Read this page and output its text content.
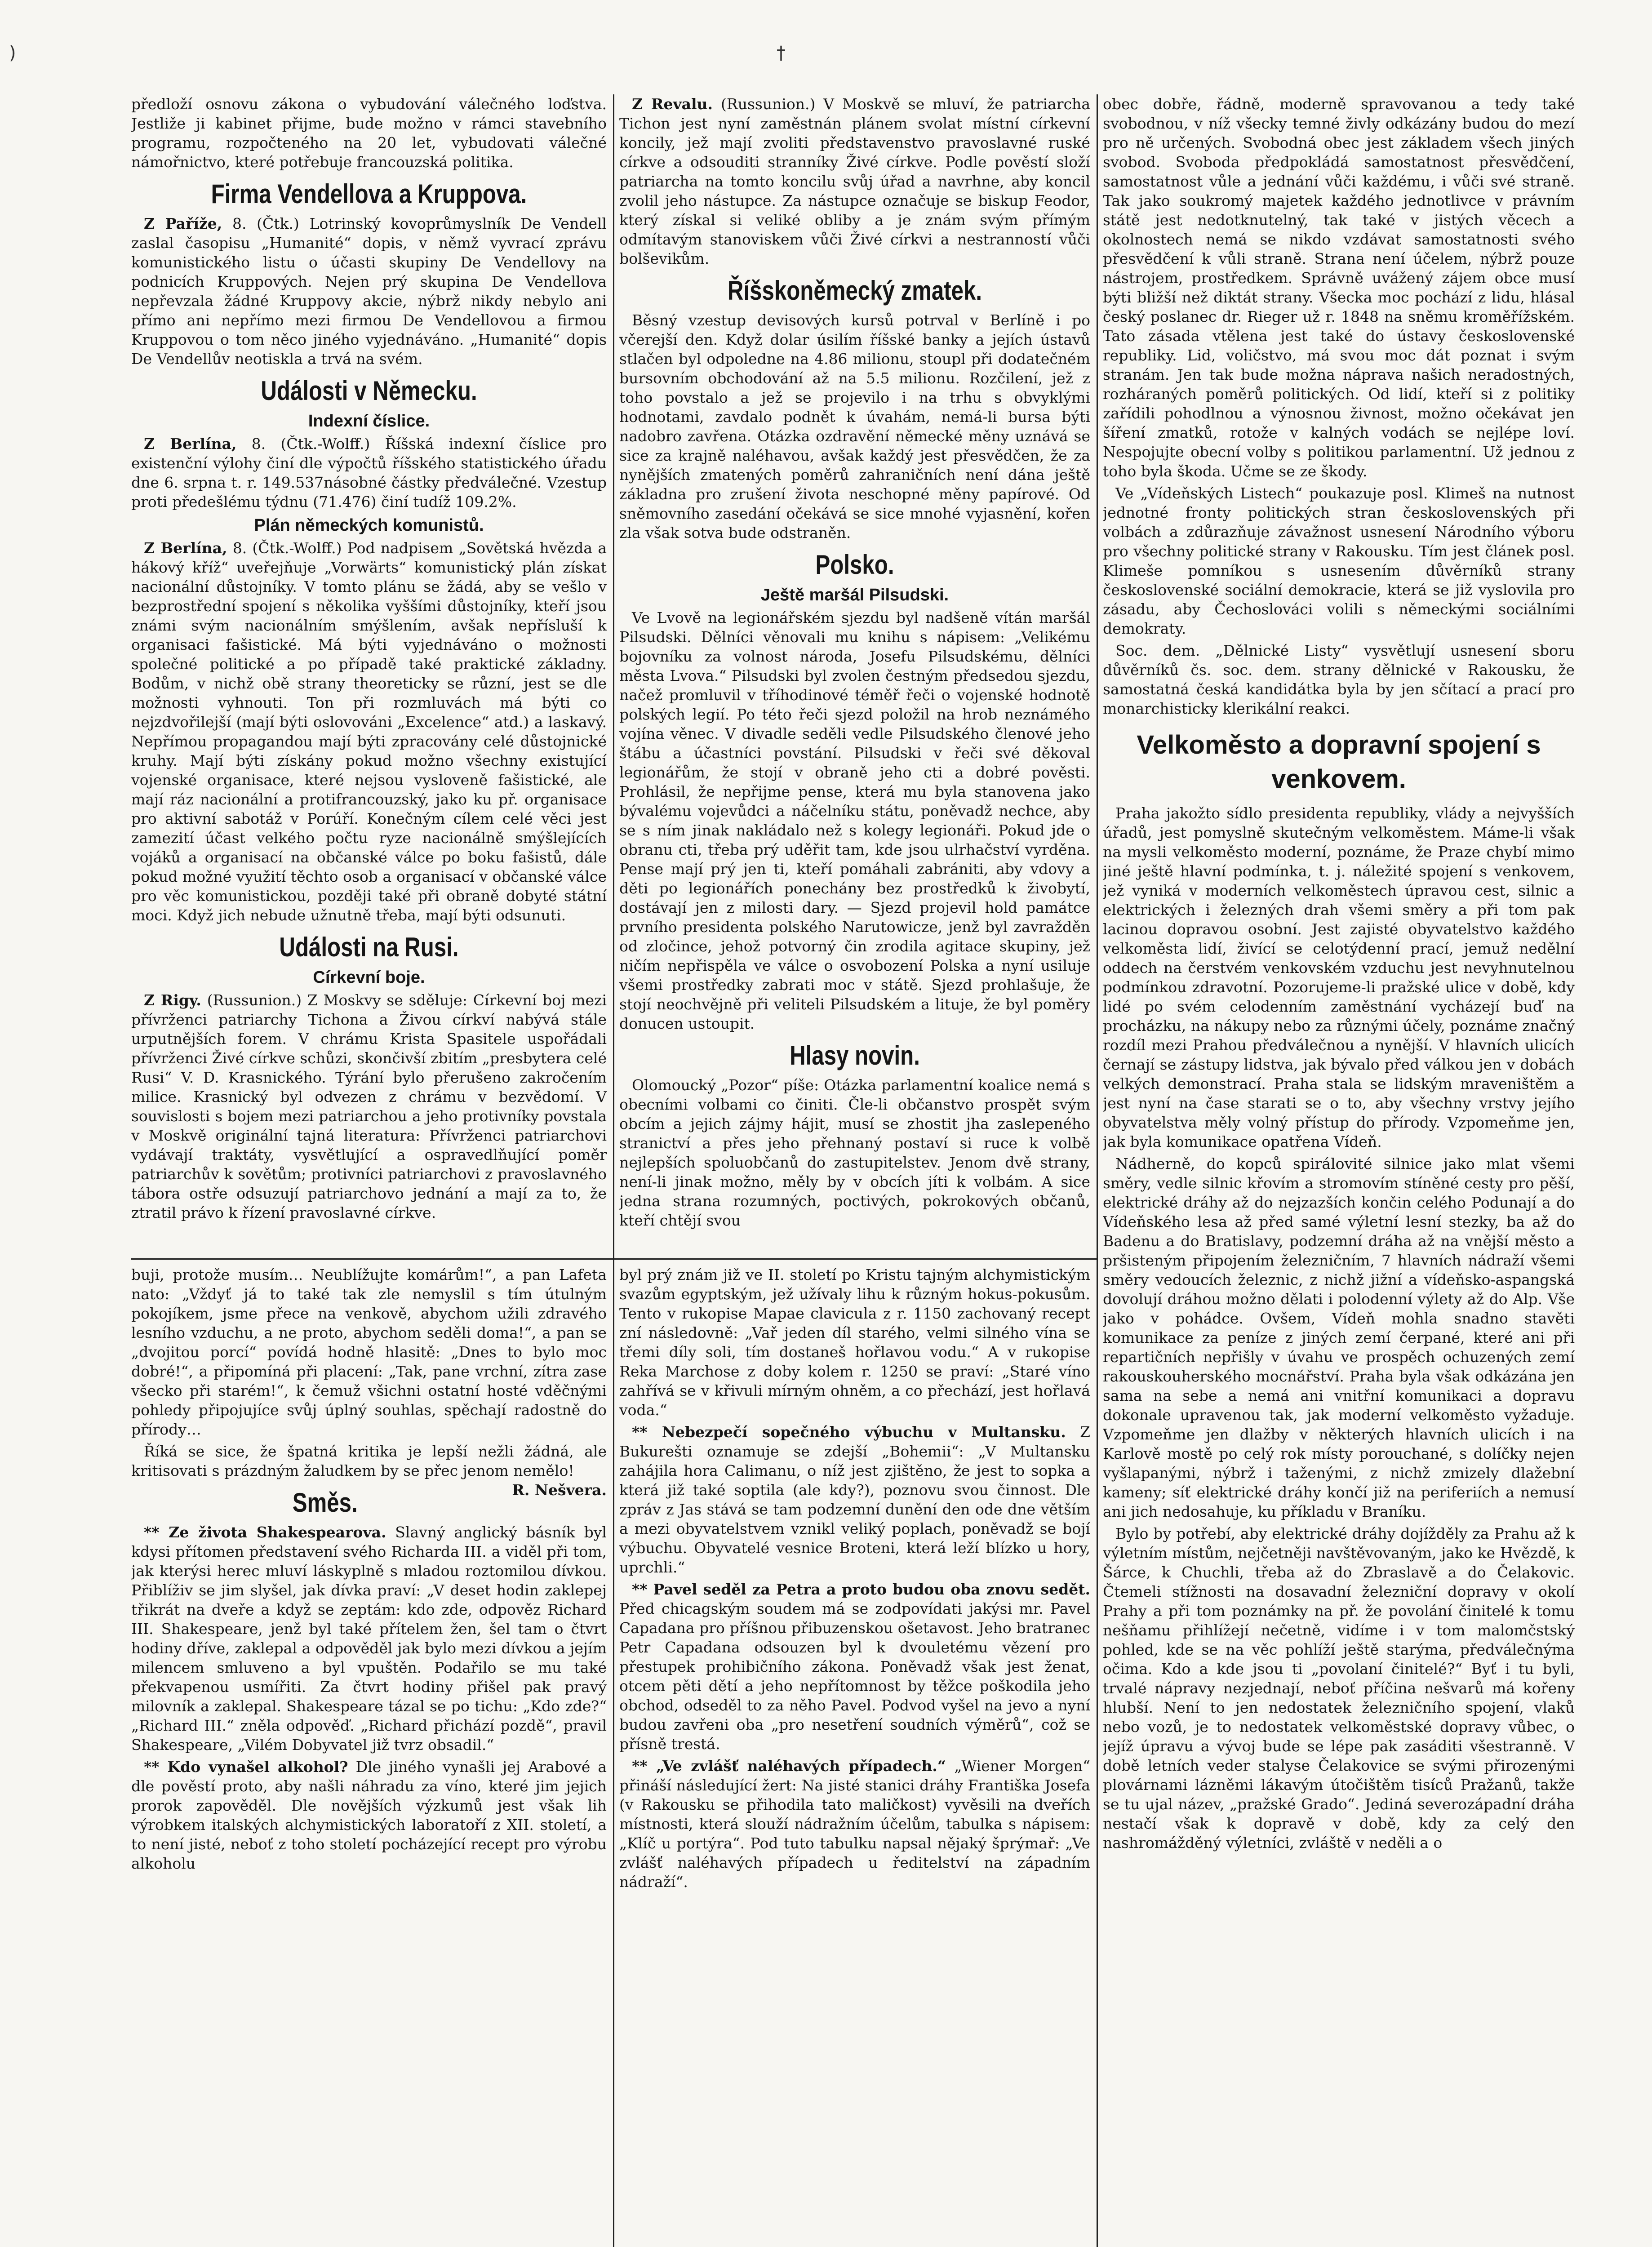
)	†

předloží osnovu zákona o vybudování válečného loďstva. Jestliže ji kabinet přijme, bude možno v rámci stavebního programu, rozpočteného na 20 let, vybudovati válečné námořnictvo, které potřebuje francouzská politika.

Firma Vendellova a Kruppova.

Z Paříže, 8. (Čtk.) Lotrinský kovoprůmyslník De Vendell zaslal časopisu „Humanité“ dopis, v němž vyvrací zprávu komunistického listu o účasti skupiny De Vendellovy na podnicích Kruppových. Nejen prý skupina De Vendellova nepřevzala žádné Kruppovy akcie, nýbrž nikdy nebylo ani přímo ani nepřímo mezi firmou De Vendellovou a firmou Kruppovou o tom něco jiného vyjednáváno. „Humanité“ dopis De Vendellův neotiskla a trvá na svém.

Události v Německu.
Indexní číslice.

Z Berlína, 8. (Čtk.-Wolff.) Říšská indexní číslice pro existenční výlohy činí dle výpočtů říšského statistického úřadu dne 6. srpna t. r. 149.537násobné částky předválečné. Vzestup proti předešlému týdnu (71.476) činí tudíž 109.2%.

Plán německých komunistů.

Z Berlína, 8. (Čtk.-Wolff.) Pod nadpisem „Sovětská hvězda a hákový kříž“ uveřejňuje „Vorwärts“ komunistický plán získat nacionální důstojníky. V tomto plánu se žádá, aby se vešlo v bezprostřední spojení s několika vyššími důstojníky, kteří jsou známi svým nacionálním smýšlením, avšak nepřísluší k organisaci fašistické. Má býti vyjednáváno o možnosti společné politické a po případě také praktické základny. Bodům, v nichž obě strany theoreticky se různí, jest se dle možnosti vyhnouti. Ton při rozmluvách má býti co nejzdvořilejší (mají býti oslovováni „Excelence“ atd.) a laskavý. Nepřímou propagandou mají býti zpracovány celé důstojnické kruhy. Mají býti získány pokud možno všechny existující vojenské organisace, které nejsou vysloveně fašistické, ale mají ráz nacionální a protifrancouzský, jako ku př. organisace pro aktivní sabotáž v Porúří. Konečným cílem celé věci jest zamezití účast velkého počtu ryze nacionálně smýšlejících vojáků a organisací na občanské válce po boku fašistů, dále pokud možné využití těchto osob a organisací v občanské válce pro věc komunistickou, později také při obraně dobyté státní moci. Když jich nebude užnutně třeba, mají býti odsunuti.

Události na Rusi.
Církevní boje.

Z Rigy. (Russunion.) Z Moskvy se sděluje: Církevní boj mezi přívrženci patriarchy Tichona a Živou církví nabývá stále urputnějších forem. V chrámu Krista Spasitele uspořádali přívrženci Živé církve schůzi, skončivší zbitím „presbytera celé Rusi“ V. D. Krasnického. Týrání bylo přerušeno zakročením milice. Krasnický byl odvezen z chrámu v bezvědomí. V souvislosti s bojem mezi patriarchou a jeho protivníky povstala v Moskvě originální tajná literatura: Přívrženci patriarchovi vydávají traktáty, vysvětlující a ospravedlňující poměr patriarchův k sovětům; protivníci patriarchovi z pravoslavného tábora ostře odsuzují patriarchovo jednání a mají za to, že ztratil právo k řízení pravoslavné církve.

Z Revalu. (Russunion.) V Moskvě se mluví, že patriarcha Tichon jest nyní zaměstnán plánem svolat místní církevní koncily, jež mají zvoliti představenstvo pravoslavné ruské církve a odsouditi stranníky Živé církve. Podle pověstí složí patriarcha na tomto koncilu svůj úřad a navrhne, aby koncil zvolil jeho nástupce. Za nástupce označuje se biskup Feodor, který získal si veliké obliby a je znám svým přímým odmítavým stanoviskem vůči Živé církvi a nestranností vůči bolševikům.

Říšskoněmecký zmatek.

Běsný vzestup devisových kursů potrval v Berlíně i po včerejší den. Když dolar úsilím říšské banky a jejích ústavů stlačen byl odpoledne na 4.86 milionu, stoupl při dodatečném bursovním obchodování až na 5.5 milionu. Rozčilení, jež z toho povstalo a jež se projevilo i na trhu s obvyklými hodnotami, zavdalo podnět k úvahám, nemá-li bursa býti nadobro zavřena. Otázka ozdravění německé měny uznává se sice za krajně naléhavou, avšak každý jest přesvědčen, že za nynějších zmatených poměrů zahraničních není dána ještě základna pro zrušení života neschopné měny papírové. Od sněmovního zasedání očekává se sice mnohé vyjasnění, kořen zla však sotva bude odstraněn.

Polsko.
Ještě maršál Pilsudski.

Ve Lvově na legionářském sjezdu byl nadšeně vítán maršál Pilsudski. Dělníci věnovali mu knihu s nápisem: „Velikému bojovníku za volnost národa, Josefu Pilsudskému, dělníci města Lvova.“ Pilsudski byl zvolen čestným předsedou sjezdu, načež promluvil v tříhodinové téměř řeči o vojenské hodnotě polských legií. Po této řeči sjezd položil na hrob neznámého vojína věnec. V divadle seděli vedle Pilsudského členové jeho štábu a účastníci povstání. Pilsudski v řeči své děkoval legionářům, že stojí v obraně jeho cti a dobré pověsti. Prohlásil, že nepřijme pense, která mu byla stanovena jako bývalému vojevůdci a náčelníku státu, poněvadž nechce, aby se s ním jinak nakládalo než s kolegy legionáři. Pokud jde o obranu cti, třeba prý uděřit tam, kde jsou ulrhačství vyrděna. Pense mají prý jen ti, kteří pomáhali zabrániti, aby vdovy a děti po legionářích ponechány bez prostředků k živobytí, dostávají jen z milosti dary. — Sjezd projevil hold památce prvního presidenta polského Narutowicze, jenž byl zavražděn od zločince, jehož potvorný čin zrodila agitace skupiny, jež ničím nepřispěla ve válce o osvobození Polska a nyní usiluje všemi prostředky zabrati moc v státě. Sjezd prohlašuje, že stojí neochvějně při veliteli Pilsudském a lituje, že byl poměry donucen ustoupit.

Hlasy novin.

Olomoucký „Pozor“ píše: Otázka parlamentní koalice nemá s obecními volbami co činiti. Čle-li občanstvo prospět svým obcím a jejich zájmy hájit, musí se zhostit jha zaslepeného stranictví a přes jeho přehnaný postaví si ruce k volbě nejlepších spoluobčanů do zastupitelstev. Jenom dvě strany, není-li jinak možno, měly by v obcích jíti k volbám. A sice jedna strana rozumných, poctivých, pokrokových občanů, kteří chtějí svou

obec dobře, řádně, moderně spravovanou a tedy také svobodnou, v níž všecky temné živly odkázány budou do mezí pro ně určených. Svobodná obec jest základem všech jiných svobod. Svoboda předpokládá samostatnost přesvědčení, samostatnost vůle a jednání vůči každému, i vůči své straně. Tak jako soukromý majetek každého jednotlivce v právním státě jest nedotknutelný, tak také v jistých věcech a okolnostech nemá se nikdo vzdávat samostatnosti svého přesvědčení k vůli straně. Strana není účelem, nýbrž pouze nástrojem, prostředkem. Správně uvážený zájem obce musí býti bližší než diktát strany. Všecka moc pochází z lidu, hlásal český poslanec dr. Rieger už r. 1848 na sněmu kroměřížském. Tato zásada vtělena jest také do ústavy československé republiky. Lid, voličstvo, má svou moc dát poznat i svým stranám. Jen tak bude možna náprava našich neradostných, rozháraných poměrů politických. Od lidí, kteří si z politiky zařídili pohodlnou a výnosnou živnost, možno očekávat jen šíření zmatků, rotože v kalných vodách se nejlépe loví. Nespojujte obecní volby s politikou parlamentní. Už jednou z toho byla škoda. Učme se ze škody.

Ve „Vídeňských Listech“ poukazuje posl. Klimeš na nutnost jednotné fronty politických stran československých při volbách a zdůrazňuje závažnost usnesení Národního výboru pro všechny politické strany v Rakousku. Tím jest článek posl. Klimeše pomníkou s usnesením důvěrníků strany československé sociální demokracie, která se již vyslovila pro zásadu, aby Čechoslováci volili s německými sociálními demokraty.

Soc. dem. „Dělnické Listy“ vysvětlují usnesení sboru důvěrníků čs. soc. dem. strany dělnické v Rakousku, že samostatná česká kandidátka byla by jen sčítací a prací pro monarchisticky klerikální reakci.

Velkoměsto a dopravní spojení s venkovem.

Praha jakožto sídlo presidenta republiky, vlády a nejvyšších úřadů, jest pomyslně skutečným velkoměstem. Máme-li však na mysli velkoměsto moderní, poznáme, že Praze chybí mimo jiné ještě hlavní podmínka, t. j. náležité spojení s venkovem, jež vyniká v moderních velkoměstech úpravou cest, silnic a elektrických i železných drah všemi směry a při tom pak lacinou dopravou osobní. Jest zajisté obyvatelstvo každého velkoměsta lidí, živící se celotýdenní prací, jemuž nedělní oddech na čerstvém venkovském vzduchu jest nevyhnutelnou podmínkou zdravotní. Pozorujeme-li pražské ulice v době, kdy lidé po svém celodenním zaměstnání vycházejí buď na procházku, na nákupy nebo za různými účely, poznáme značný rozdíl mezi Prahou předválečnou a nynější. V hlavních ulicích černají se zástupy lidstva, jak bývalo před válkou jen v dobách velkých demonstrací. Praha stala se lidským mraveništěm a jest nyní na čase starati se o to, aby všechny vrstvy jejího obyvatelstva měly volný přístup do přírody. Vzpomeňme jen, jak byla komunikace opatřena Vídeň.

Nádherně, do kopců spirálovité silnice jako mlat všemi směry, vedle silnic křovím a stromovím stíněné cesty pro pěší, elektrické dráhy až do nejzazších končin celého Podunají a do Vídeňského lesa až před samé výletní lesní stezky, ba až do Badenu a do Bratislavy, podzemní dráha až na vnější město a pršisteným připojením železničním, 7 hlavních nádraží všemi směry vedoucích železnic, z nichž jižní a vídeňsko-aspangská dovolují dráhou možno dělati i polodenní výlety až do Alp. Vše jako v pohádce. Ovšem, Vídeň mohla snadno stavěti komunikace za peníze z jiných zemí čerpané, které ani při repartičních nepřišly v úvahu ve prospěch ochuzených zemí rakouskouherského mocnářství. Praha byla však odkázána jen sama na sebe a nemá ani vnitřní komunikaci a dopravu dokonale upravenou tak, jak moderní velkoměsto vyžaduje. Vzpomeňme jen dlažby v některých hlavních ulicích i na Karlově mostě po celý rok místy porouchané, s dolíčky nejen vyšlapanými, nýbrž i taženými, z nichž zmizely dlažební kameny; síť elektrické dráhy končí již na periferiích a nemusí ani jich nedosahuje, ku příkladu v Braníku.

Bylo by potřebí, aby elektrické dráhy dojížděly za Prahu až k výletním místům, nejčetněji navštěvovaným, jako ke Hvězdě, k Šárce, k Chuchli, třeba až do Zbraslavě a do Čelakovic. Čtemeli stížnosti na dosavadní železniční dopravy v okolí Prahy a při tom poznámky na př. že povolání činitelé k tomu nešňamu přihlížejí nečetně, vidíme i v tom malomčstský pohled, kde se na věc pohlíží ještě starýma, předválečnýma očima. Kdo a kde jsou ti „povolaní činitelé?“ Byť i tu byli, trvalé nápravy nezjednají, neboť příčina nešvarů má kořeny hlubší. Není to jen nedostatek železničního spojení, vlaků nebo vozů, je to nedostatek velkoměstské dopravy vůbec, o jejíž úpravu a vývoj bude se lépe pak zasáditi všestranně. V době letních veder stalyse Čelakovice se svými přirozenými plovárnami lázněmi lákavým útočištěm tisíců Pražanů, takže se tu ujal název, „pražské Grado“. Jediná severozápadní dráha nestačí však k dopravě v době, kdy za celý den nashromážděný výletníci, zvláště v neděli a o

buji, protože musím… Neublížujte komárům!“, a pan Lafeta nato: „Vždyť já to také tak zle nemyslil s tím útulným pokojíkem, jsme přece na venkově, abychom užili zdravého lesního vzduchu, a ne proto, abychom seděli doma!“, a pan se „dvojitou porcí“ povídá hodně hlasitě: „Dnes to bylo moc dobré!“, a připomíná při placení: „Tak, pane vrchní, zítra zase všecko při starém!“, k čemuž všichni ostatní hosté vděčnými pohledy připojujíce svůj úplný souhlas, spěchají radostně do přírody…

Říká se sice, že špatná kritika je lepší nežli žádná, ale kritisovati s prázdným žaludkem by se přec jenom nemělo!
R. Nešvera.

Směs.

** Ze života Shakespearova. Slavný anglický básník byl kdysi přítomen představení svého Richarda III. a viděl při tom, jak kterýsi herec mluví láskyplně s mladou roztomilou dívkou. Přiblíživ se jim slyšel, jak dívka praví: „V deset hodin zaklepej třikrát na dveře a když se zeptám: kdo zde, odpověz Richard III. Shakespeare, jenž byl také přítelem žen, šel tam o čtvrt hodiny dříve, zaklepal a odpověděl jak bylo mezi dívkou a jejím milencem smluveno a byl vpuštěn. Podařilo se mu také překvapenou usmířiti. Za čtvrt hodiny přišel pak pravý milovník a zaklepal. Shakespeare tázal se po tichu: „Kdo zde?“ „Richard III.“ zněla odpověď. „Richard přichází pozdě“, pravil Shakespeare, „Vilém Dobyvatel již tvrz obsadil.“

** Kdo vynašel alkohol? Dle jiného vynašli jej Arabové a dle pověstí proto, aby našli náhradu za víno, které jim jejich prorok zapověděl. Dle novějších výzkumů jest však lih výrobkem italských alchymistických laboratoří z XII. století, a to není jisté, neboť z toho století pocházející recept pro výrobu alkoholu

byl prý znám již ve II. století po Kristu tajným alchymistickým svazům egyptským, jež užívaly lihu k různým hokus-pokusům. Tento v rukopise Mapae clavicula z r. 1150 zachovaný recept zní následovně: „Vař jeden díl starého, velmi silného vína se třemi díly soli, tím dostaneš hořlavou vodu.“ A v rukopise Reka Marchose z doby kolem r. 1250 se praví: „Staré víno zahřívá se v křivuli mírným ohněm, a co přechází, jest hořlavá voda.“

** Nebezpečí sopečného výbuchu v Multansku. Z Bukurešti oznamuje se zdejší „Bohemii“: „V Multansku zahájila hora Calimanu, o níž jest zjištěno, že jest to sopka a která již také soptila (ale kdy?), poznovu svou činnost. Dle zpráv z Jas stává se tam podzemní dunění den ode dne větším a mezi obyvatelstvem vznikl veliký poplach, poněvadž se bojí výbuchu. Obyvatelé vesnice Broteni, která leží blízko u hory, uprchli.“

** Pavel seděl za Petra a proto budou oba znovu sedět. Před chicagským soudem má se zodpovídati jakýsi mr. Pavel Capadana pro příšnou přibuzenskou ošetavost. Jeho bratranec Petr Capadana odsouzen byl k dvouletému vězení pro přestupek prohibičního zákona. Poněvadž však jest ženat, otcem pěti dětí a jeho nepřítomnost by těžce poškodila jeho obchod, odseděl to za něho Pavel. Podvod vyšel na jevo a nyní budou zavřeni oba „pro nesetření soudních výměrů“, což se přísně trestá.

** „Ve zvlášť naléhavých případech.“ „Wiener Morgen“ přináší následující žert: Na jisté stanici dráhy Františka Josefa (v Rakousku se přihodila tato maličkost) vyvěsili na dveřích místnosti, která slouží nádražním účelům, tabulka s nápisem: „Klíč u portýra“. Pod tuto tabulku napsal nějaký šprýmař: „Ve zvlášť naléhavých případech u ředitelství na západním nádraží“.
